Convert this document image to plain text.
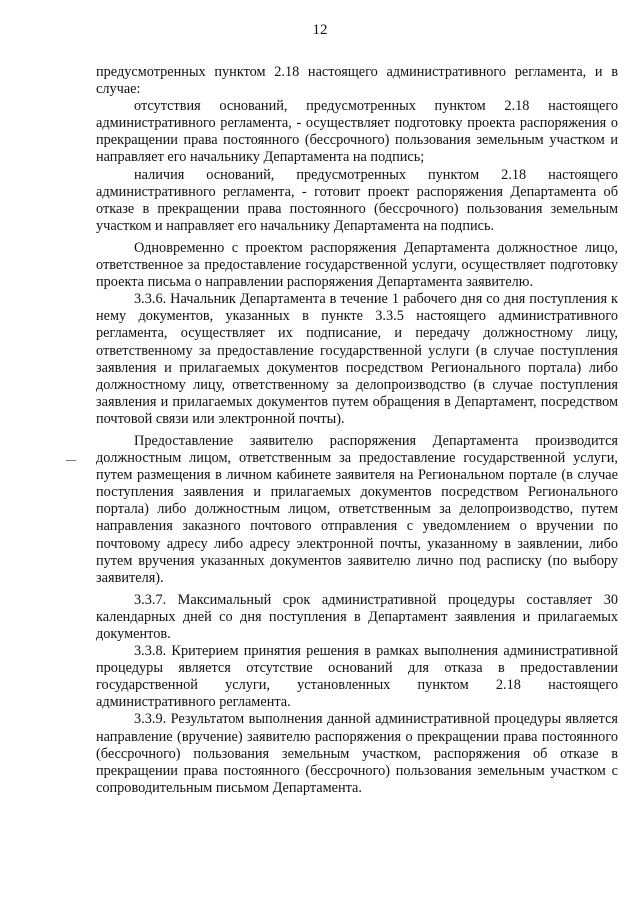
12

предусмотренных пунктом 2.18 настоящего административного регламента, и в случае:

отсутствия оснований, предусмотренных пунктом 2.18 настоящего административного регламента, - осуществляет подготовку проекта распоряжения о прекращении права постоянного (бессрочного) пользования земельным участком и направляет его начальнику Департамента на подпись;

наличия оснований, предусмотренных пунктом 2.18 настоящего административного регламента, - готовит проект распоряжения Департамента об отказе в прекращении права постоянного (бессрочного) пользования земельным участком и направляет его начальнику Департамента на подпись.

Одновременно с проектом распоряжения Департамента должностное лицо, ответственное за предоставление государственной услуги, осуществляет подготовку проекта письма о направлении распоряжения Департамента заявителю.

3.3.6. Начальник Департамента в течение 1 рабочего дня со дня поступления к нему документов, указанных в пункте 3.3.5 настоящего административного регламента, осуществляет их подписание, и передачу должностному лицу, ответственному за предоставление государственной услуги (в случае поступления заявления и прилагаемых документов посредством Регионального портала) либо должностному лицу, ответственному за делопроизводство (в случае поступления заявления и прилагаемых документов путем обращения в Департамент, посредством почтовой связи или электронной почты).

Предоставление заявителю распоряжения Департамента производится должностным лицом, ответственным за предоставление государственной услуги, путем размещения в личном кабинете заявителя на Региональном портале (в случае поступления заявления и прилагаемых документов посредством Регионального портала) либо должностным лицом, ответственным за делопроизводство, путем направления заказного почтового отправления с уведомлением о вручении по почтовому адресу либо адресу электронной почты, указанному в заявлении, либо путем вручения указанных документов заявителю лично под расписку (по выбору заявителя).

3.3.7. Максимальный срок административной процедуры составляет 30 календарных дней со дня поступления в Департамент заявления и прилагаемых документов.

3.3.8. Критерием принятия решения в рамках выполнения административной процедуры является отсутствие оснований для отказа в предоставлении государственной услуги, установленных пунктом 2.18 настоящего административного регламента.

3.3.9. Результатом выполнения данной административной процедуры является направление (вручение) заявителю распоряжения о прекращении права постоянного (бессрочного) пользования земельным участком, распоряжения об отказе в прекращении права постоянного (бессрочного) пользования земельным участком с сопроводительным письмом Департамента.
